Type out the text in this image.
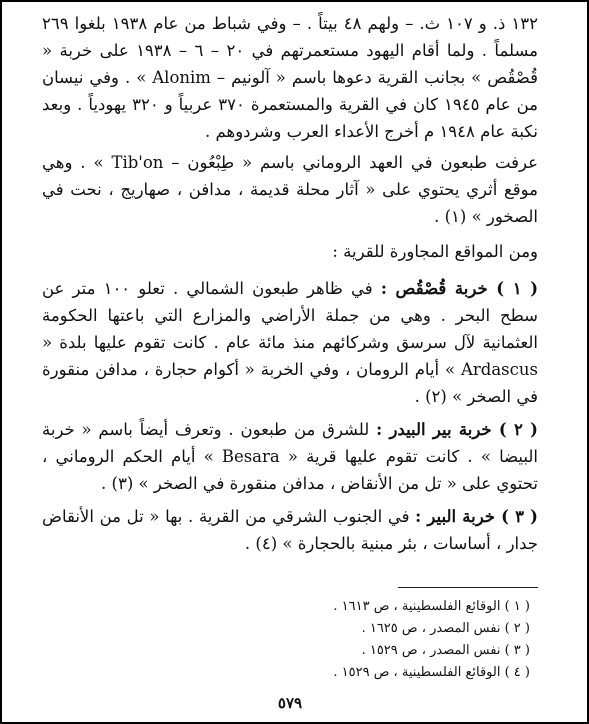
١٣٢ ذ. و ١٠٧ ث. – ولهم ٤٨ بيتاً . – وفي شباط من عام ١٩٣٨ بلغوا ٢٦٩ مسلماً . ولما أقام اليهود مستعمرتهم في ٢٠ – ٦ – ١٩٣٨ على خربة « قُصْقُص » بجانب القرية دعوها باسم « آلونيم – Alonim » . وفي نيسان من عام ١٩٤٥ كان في القرية والمستعمرة ٣٧٠ عربياً و ٣٢٠ يهودياً . وبعد نكبة عام ١٩٤٨ م أخرج الأعداء العرب وشردوهم .

عرفت طبعون في العهد الروماني باسم « طِبْعُون – Tib'on » . وهي موقع أثري يحتوي على « آثار محلة قديمة ، مدافن ، صهاريج ، نحت في الصخور » (١) .

ومن المواقع المجاورة للقرية :

( ١ ) خربة قُصْقُص : في ظاهر طبعون الشمالي . تعلو ١٠٠ متر عن سطح البحر . وهي من جملة الأراضي والمزارع التي باعتها الحكومة العثمانية لآل سرسق وشركائهم منذ مائة عام . كانت تقوم عليها بلدة « Ardascus » أيام الرومان ، وفي الخربة « أكوام حجارة ، مدافن منقورة في الصخر » (٢) .

( ٢ ) خربة بير البيدر : للشرق من طبعون . وتعرف أيضاً باسم « خربة البيضا » . كانت تقوم عليها قرية « Besara » أيام الحكم الروماني ، تحتوي على « تل من الأنقاض ، مدافن منقورة في الصخر » (٣) .

( ٣ ) خربة البير : في الجنوب الشرقي من القرية . بها « تل من الأنقاض جدار ، أساسات ، بئر مبنية بالحجارة » (٤) .

( ١ ) الوقائع الفلسطينية ، ص ١٦١٣ .

( ٢ ) نفس المصدر ، ص ١٦٢٥ .

( ٣ ) نفس المصدر ، ص ١٥٢٩ .

( ٤ ) الوقائع الفلسطينية ، ص ١٥٢٩ .

٥٧٩
